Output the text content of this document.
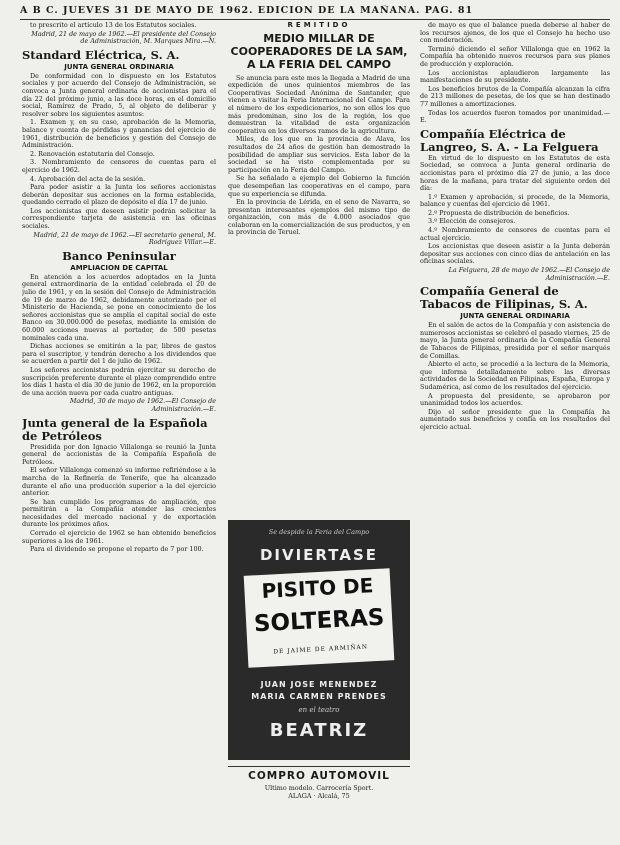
A B C. JUEVES 31 DE MAYO DE 1962. EDICION DE LA MAÑANA. PAG. 81

to prescrito el artículo 13 de los Estatutos sociales.

Madrid, 21 de mayo de 1962.—El presidente del Consejo de Administración, M. Marques Mira.—N.

Standard Eléctrica, S. A.
JUNTA GENERAL ORDINARIA

De conformidad con lo dispuesto en los Estatutos sociales y por acuerdo del Consejo de Administración, se convoca a Junta general ordinaria de accionistas para el día 22 del próximo junio, a las doce horas, en el domicilio social, Ramírez de Prado, 5, al objeto de deliberar y resolver sobre los siguientes asuntos:

1. Examen y, en su caso, aprobación de la Memoria, balance y cuenta de pérdidas y ganancias del ejercicio de 1961, distribución de beneficios y gestión del Consejo de Administración.

2. Renovación estatutaria del Consejo.

3. Nombramiento de censores de cuentas para el ejercicio de 1962.

4. Aprobación del acta de la sesión.

Para poder asistir a la Junta los señores accionistas deberán depositar sus acciones en la forma establecida, quedando cerrado el plazo de depósito el día 17 de junio.

Los accionistas que deseen asistir podrán solicitar la correspondiente tarjeta de asistencia en las oficinas sociales.

Madrid, 21 de mayo de 1962.—El secretario general, M. Rodríguez Villar.—E.

Banco Peninsular
AMPLIACION DE CAPITAL

En atención a los acuerdos adoptados en la Junta general extraordinaria de la entidad celebrada el 20 de julio de 1961, y en la sesión del Consejo de Administración de 19 de marzo de 1962, debidamente autorizado por el Ministerio de Hacienda, se pone en conocimiento de los señores accionistas que se amplía el capital social de este Banco en 30.000.000 de pesetas, mediante la emisión de 60.000 acciones nuevas al portador, de 500 pesetas nominales cada una.

Dichas acciones se emitirán a la par, libres de gastos para el suscriptor, y tendrán derecho a los dividendos que se acuerden a partir del 1 de julio de 1962.

Los señores accionistas podrán ejercitar su derecho de suscripción preferente durante el plazo comprendido entre los días 1 hasta el día 30 de junio de 1962, en la proporción de una acción nueva por cada cuatro antiguas.

Madrid, 30 de mayo de 1962.—El Consejo de Administración.—E.

Junta general de la Española de Petróleos

Presidida por don Ignacio Villalonga se reunió la Junta general de accionistas de la Compañía Española de Petróleos.

El señor Villalonga comenzó su informe refiriéndose a la marcha de la Refinería de Tenerife, que ha alcanzado durante el año una producción superior a la del ejercicio anterior.

Se han cumplido los programas de ampliación, que permitirán a la Compañía atender las crecientes necesidades del mercado nacional y de exportación durante los próximos años.

Cerrado el ejercicio de 1962 se han obtenido beneficios superiores a los de 1961.

Para el dividendo se propone el reparto de 7 por 100.

REMITIDO
MEDIO MILLAR DE COOPERADORES DE LA SAM, A LA FERIA DEL CAMPO

Se anuncia para este mes la llegada a Madrid de una expedición de unos quinientos miembros de las Cooperativas Sociedad Anónima de Santander, que vienen a visitar la Feria Internacional del Campo. Para el número de los expedicionarios, no son ellos los que más predominan, sino los de la región, los que demuestran la vitalidad de esta organización cooperativa en los diversos ramos de la agricultura.

Miles, de los que en la provincia de Alava, los resultados de 24 años de gestión han demostrado la posibilidad de ampliar sus servicios. Esta labor de la sociedad se ha visto complementada por su participación en la Feria del Campo.

Se ha señalado a ejemplo del Gobierno la función que desempeñan las cooperativas en el campo, para que su experiencia se difunda.

En la provincia de Lérida, en el seno de Navarra, se presentan interesantes ejemplos del mismo tipo de organización, con más de 4.000 asociados que colaboran en la comercialización de sus productos, y en la provincia de Teruel.

Se despide la Feria del Campo
DIVIERTASE
PISITO DE
SOLTERAS
DE JAIME DE ARMIÑAN
JUAN JOSE MENENDEZ
MARIA CARMEN PRENDES
en el teatro
BEATRIZ
COMPRO AUTOMOVIL
Ultimo modelo. Carrocería Sport.
ALAGA · Alcalá, 75

de mayo es que el balance pueda deberse al haber de los recursos ajenos, de los que el Consejo ha hecho uso con moderación.

Terminó diciendo el señor Villalonga que en 1962 la Compañía ha obtenido nuevos recursos para sus planes de producción y exploración.

Los accionistas aplaudieron largamente las manifestaciones de su presidente.

Los beneficios brutos de la Compañía alcanzan la cifra de 213 millones de pesetas, de los que se han destinado 77 millones a amortizaciones.

Todas los acuerdos fueron tomados por unanimidad.—E.

Compañía Eléctrica de Langreo, S. A. - La Felguera

En virtud de lo dispuesto en los Estatutos de esta Sociedad, se convoca a Junta general ordinaria de accionistas para el próximo día 27 de junio, a las doce horas de la mañana, para tratar del siguiente orden del día:

1.º Examen y aprobación, si procede, de la Memoria, balance y cuentas del ejercicio de 1961.

2.º Propuesta de distribución de beneficios.

3.º Elección de consejeros.

4.º Nombramiento de censores de cuentas para el actual ejercicio.

Los accionistas que deseen asistir a la Junta deberán depositar sus acciones con cinco días de antelación en las oficinas sociales.

La Felguera, 28 de mayo de 1962.—El Consejo de Administración.—E.

Compañía General de Tabacos de Filipinas, S. A.
JUNTA GENERAL ORDINARIA

En el salón de actos de la Compañía y con asistencia de numerosos accionistas se celebró el pasado viernes, 25 de mayo, la Junta general ordinaria de la Compañía General de Tabacos de Filipinas, presidida por el señor marqués de Comillas.

Abierto el acto, se procedió a la lectura de la Memoria, que informa detalladamente sobre las diversas actividades de la Sociedad en Filipinas, España, Europa y Sudamérica, así como de los resultados del ejercicio.

A propuesta del presidente, se aprobaron por unanimidad todos los acuerdos.

Dijo el señor presidente que la Compañía ha aumentado sus beneficios y confía en los resultados del ejercicio actual.
